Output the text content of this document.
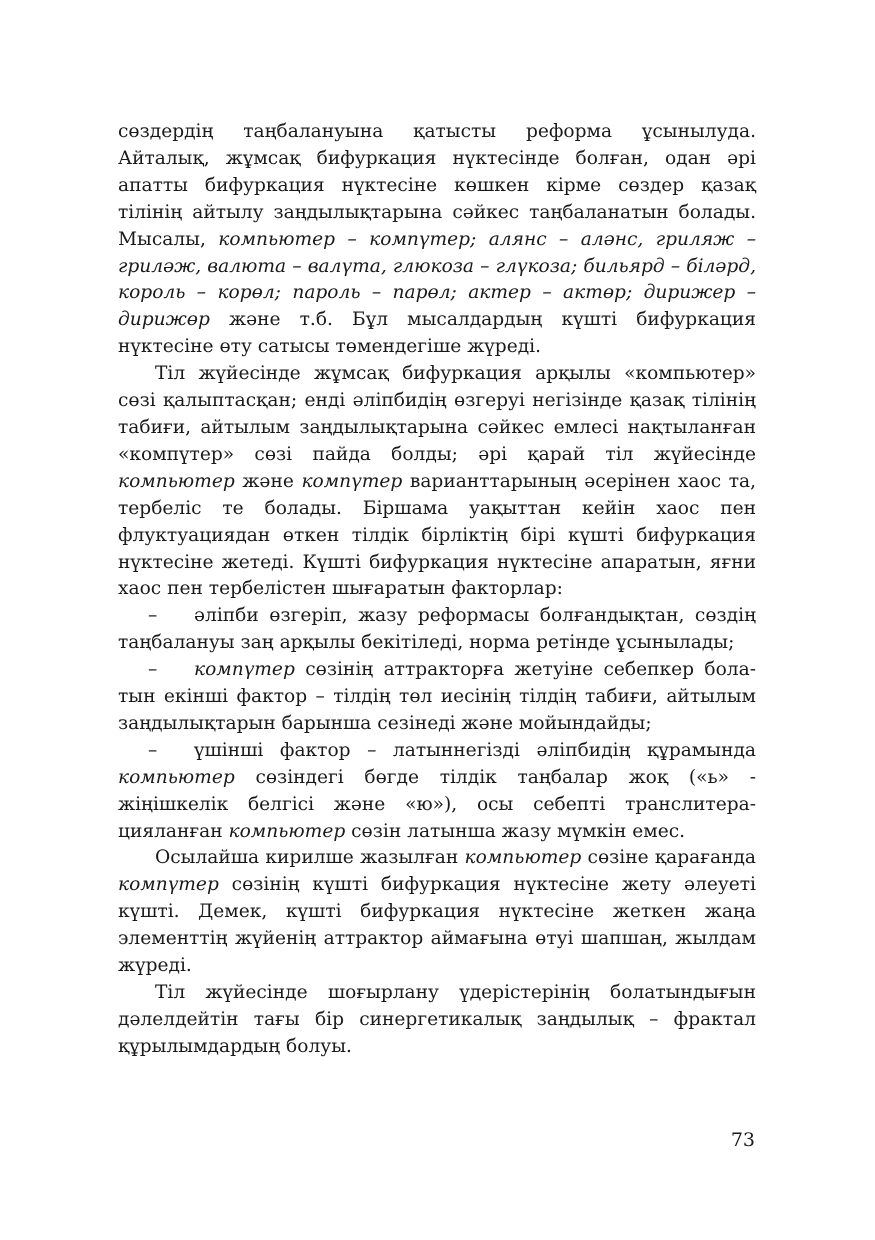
сөздердің таңбалануына қатысты реформа ұсынылуда. Айталық, жұмсақ бифуркация нүктесінде болған, одан әрі апатты бифуркация нүктесіне көшкен кірме сөздер қазақ тілінің айтылу заңдылықтарына сәйкес таңбаланатын болады. Мысалы, компьютер – компүтер; алянс – алəнс, гриляж – грилəж, валюта – валүта, глюкоза – глүкоза; бильярд – білəрд, король – корөл; пароль – парөл; актер – актөр; дирижер – дирижөр жəне т.б. Бұл мысалдардың күшті бифуркация нүктесіне өту сатысы төмендегіше жүреді.

Тіл жүйесінде жұмсақ бифуркация арқылы «компьютер» сөзі қалыптасқан; енді əліпбидің өзгеруі негізінде қазақ тілінің табиғи, айтылым заңдылықтарына сəйкес емлесі нақтыланған «компүтер» сөзі пайда болды; əрі қарай тіл жүйесінде компьютер жəне компүтер варианттарының əсерінен хаос та, тербеліс те болады. Біршама уақыттан кейін хаос пен флуктуациядан өткен тілдік бірліктің бірі күшті бифуркация нүктесіне жетеді. Күшті бифуркация нүктесіне апаратын, яғни хаос пен тербелістен шығаратын факторлар:

– əліпби өзгеріп, жазу реформасы болғандықтан, сөздің таңбалануы заң арқылы бекітіледі, норма ретінде ұсынылады;

– компүтер сөзінің аттракторға жетуіне себепкер болатын екінші фактор – тілдің төл иесінің тілдің табиғи, айтылым заңдылықтарын барынша сезінеді жəне мойындайды;

– үшінші фактор – латыннегізді əліпбидің құрамында компьютер сөзіндегі бөгде тілдік таңбалар жоқ («ь» - жіңішкелік белгісі жəне «ю»), осы себепті транслитерацияланған компьютер сөзін латынша жазу мүмкін емес.

Осылайша кирилше жазылған компьютер сөзіне қарағанда компүтер сөзінің күшті бифуркация нүктесіне жету əлеуеті күшті. Демек, күшті бифуркация нүктесіне жеткен жаңа элементтің жүйенің аттрактор аймағына өтуі шапшаң, жылдам жүреді.

Тіл жүйесінде шоғырлану үдерістерінің болатындығын дəлелдейтін тағы бір синергетикалық заңдылық – фрактал құрылымдардың болуы.

73
